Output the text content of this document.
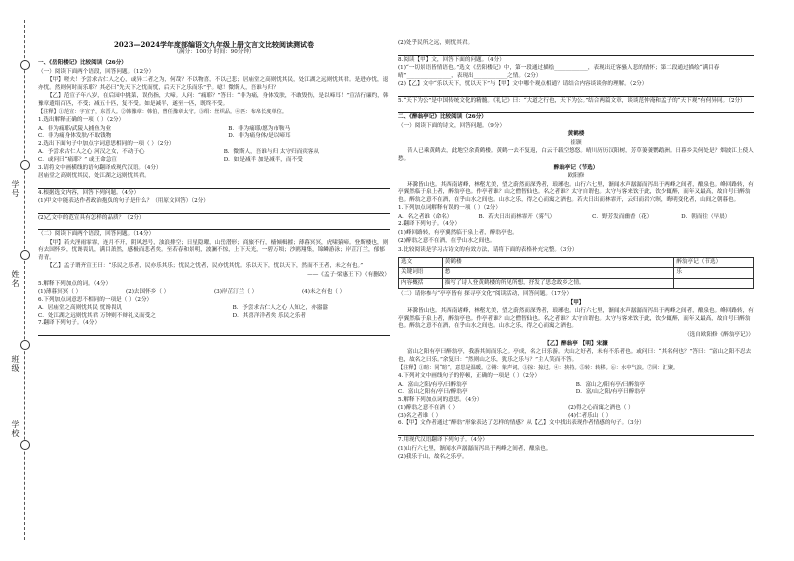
学号
姓名
班级
学校

2023—2024学年度部编语文九年级上册文言文比较阅读测试卷

（满分：100分 时间：90分钟）

一、《岳阳楼记》比较阅读（26分）

（一）阅读下面两个语段，回答问题。（12分）

【甲】嗟夫！予尝求古仁人之心，或异二者之为，何哉？不以物喜，不以己悲；居庙堂之高则忧其民，处江湖之远则忧其君。是进亦忧，退亦忧。然则何时而乐耶？其必曰“先天下之忧而忧，后天下之乐而乐”乎。噫！微斯人，吾谁与归？

【乙】范宣子年八岁，在后园中挑菜，误伤指，大啼。人问：“痛耶？”答曰：“非为痛，身体发肤，不敢毁伤，是以啼耳！”宣洁行廉约，韩豫章遗绢百匹，不受；减五十匹，复不受。如是减半，遂至一匹，既终不受。

【注释】①范宣：字宣子，东晋人。②韩豫章：韩伯，曾任豫章太守。③绢：丝织品。④匹：布帛长度单位。

1.选出解释正确的一项（ ）（2分）

A．非为痛耶/武陵人捕鱼为业	B．非为痛耶/愿为市鞍马
C．非为痛身体发肤/不取钱物	D．非为痛身体/是以啼耳

2.选出下面句子中加点字词意思相同的一项（ ）（2分）

A．予尝求古仁人之心 河汉之女，不动于心	B．微斯人，吾谁与归 太守归而宾客从
C．或问曰“痛耶？” 或王命急宣	D．如是减半 加是减半，而不受

3.请将文中画横线的语句翻译成现代汉语。（4分）

居庙堂之高则忧其民，处江湖之远则忧其君。

4.根据选文内容，回答下列问题。（4分）

(1)甲文中能表达作者政治抱负的句子是什么？（用原文回答）（2分）

(2)乙文中的范宣具有怎样的品质？（2分）

（二）阅读下面两个语段，回答问题。（14分）

【甲】若夫淫雨霏霏，连月不开，阴风怒号，浊浪排空；日星隐曜，山岳潜形；商旅不行，樯倾楫摧；薄暮冥冥，虎啸猿啼。登斯楼也，则有去国怀乡，忧谗畏讥，满目萧然，感极而悲者矣。至若春和景明，波澜不惊，上下天光，一碧万顷；沙鸥翔集，锦鳞游泳；岸芷汀兰，郁郁青青。

【乙】孟子谓齐宣王曰：“乐民之乐者，民亦乐其乐；忧民之忧者，民亦忧其忧。乐以天下，忧以天下，然而不王者，未之有也。”

——《孟子·梁惠王下》（有删改）

5.解释下列加点的词。（4分）

(1)薄暮冥冥（ ）	(2)去国怀乡（ ）	(3)岸芷汀兰（ ）	(4)未之有也（ ）

6.下列加点词意思不相同的一项是（ ）（2分）

A．居庙堂之高则忧其民 忧谗畏讥	B．予尝求古仁人之心 人知之，亦嚣嚣
C．处江湖之远则忧其君 万钟则不辩礼义而受之	D．其喜洋洋者矣 乐民之乐者

7.翻译下列句子。（4分）

(2)处乎民所之远，则忧其君。

8.阅读【甲】文，回答下面的问题。（4分）

(1)“一切景语皆情语也。”选文《岳阳楼记》中，第一段通过描绘____________，表现出迁客骚人悲的情怀；第二段通过描绘“满目春晴”________________，表现出____________之情。（2分）

(2)【乙】文中“乐以天下，忧以天下”与【甲】文中哪个观点相通？请结合内容谈谈你的理解。（2分）

5.“天下为公”是中国传统文化的精髓。《礼记》曰：“大道之行也，天下为公。”结合两篇文章，谈谈范仲淹和孟子的“天下观”有何异同。（2分）

二、《醉翁亭记》比较阅读（26分）

（一）阅读下面的诗文，回答问题。（9分）

黄鹤楼

崔颢

昔人已乘黄鹤去，此地空余黄鹤楼。黄鹤一去不复返，白云千载空悠悠。晴川历历汉阳树，芳草萋萋鹦鹉洲。日暮乡关何处是？烟波江上使人愁。

醉翁亭记（节选）

欧阳修

环滁皆山也。其西南诸峰，林壑尤美，望之蔚然而深秀者，琅琊也。山行六七里，渐闻水声潺潺而泻出于两峰之间者，酿泉也。峰回路转，有亭翼然临于泉上者，醉翁亭也。作亭者谁？山之僧智仙也。名之者谁？太守自谓也。太守与客来饮于此，饮少辄醉，而年又最高，故自号曰醉翁也。醉翁之意不在酒，在乎山水之间也。山水之乐，得之心而寓之酒也。若夫日出而林霏开，云归而岩穴暝，晦明变化者，山间之朝暮也。

1.下列加点词解释有误的一项（ ）（2分）

A．名之者谁（命名）	B．若夫日出而林霏开（雾气）	C．野芳发而幽香（花）	D．朝而往（早晨）

2.翻译下列句子。（4分）

(1)峰回路转，有亭翼然临于泉上者，醉翁亭也。

(2)醉翁之意不在酒，在乎山水之间也。

3.比较阅读是学习古诗文的有效方法，请将下面的表格补充完整。（3分）

选文	黄鹤楼	醉翁亭记（节选）
关键词语	愁	乐
内容概括	描写了诗人登黄鹤楼的所见所想，抒发了思念故乡之情。	

（二）请你参与“亭亭皆有 探寻亭文化”阅读活动，回答问题。（17分）

【甲】

环滁皆山也。其西南诸峰，林壑尤美，望之蔚然而深秀者，琅琊也。山行六七里，渐闻水声潺潺而泻出于两峰之间者，酿泉也。峰回路转，有亭翼然临于泉上者，醉翁亭也。作亭者谁？山之僧智仙也。名之者谁？太守自谓也。太守与客来饮于此，饮少辄醉，而年又最高，故自号曰醉翁也。醉翁之意不在酒，在乎山水之间也。山水之乐，得之心而寓之酒也。

（选自欧阳修《醉翁亭记》）

【乙】醉翁亭 【明】宋濂

富山之阳有亭曰醉翁亭，我游其间而乐之。亭成，名之曰乐游。夫山之好者，未有不乐者也。或问曰：“其名何也？”答曰：“富山之阳不忍去也，故名之曰乐。”余复曰：“然则山之乐，犹乐之乐与？”主人笑而不答。

【注释】①暄：同“暄”，意思是温暖。②锵：象声词。③掠：掠过。④：挟持。⑤转：转移。⑥：水中气浪。⑦回：汇聚。

4.下列对文中画线句子的停顿，正确的一项是（ ）（2分）

A．富山之阳/有亭/曰醉翁亭	B．富山之/阳有亭/曰醉翁亭
C．富山之阳有/亭曰/醉翁亭	D．富/山之阳/有亭曰醉翁亭

5.解释下列加点词的意思。（4分）

(1)醉翁之意不在酒（ ）	(2)得之心而寓之酒也（ ）
(3)名之者谁（ ）	(4)仁者乐山（ ）

6.【甲】文作者通过“醉翁”形象表达了怎样的情感？从【乙】文中找出表现作者情感的句子。（3分）

7.用现代汉语翻译下列句子。（4分）

(1)山行六七里，渐闻水声潺潺而泻出于两峰之间者，酿泉也。

(2)我乐于山，故名之乐亭。
